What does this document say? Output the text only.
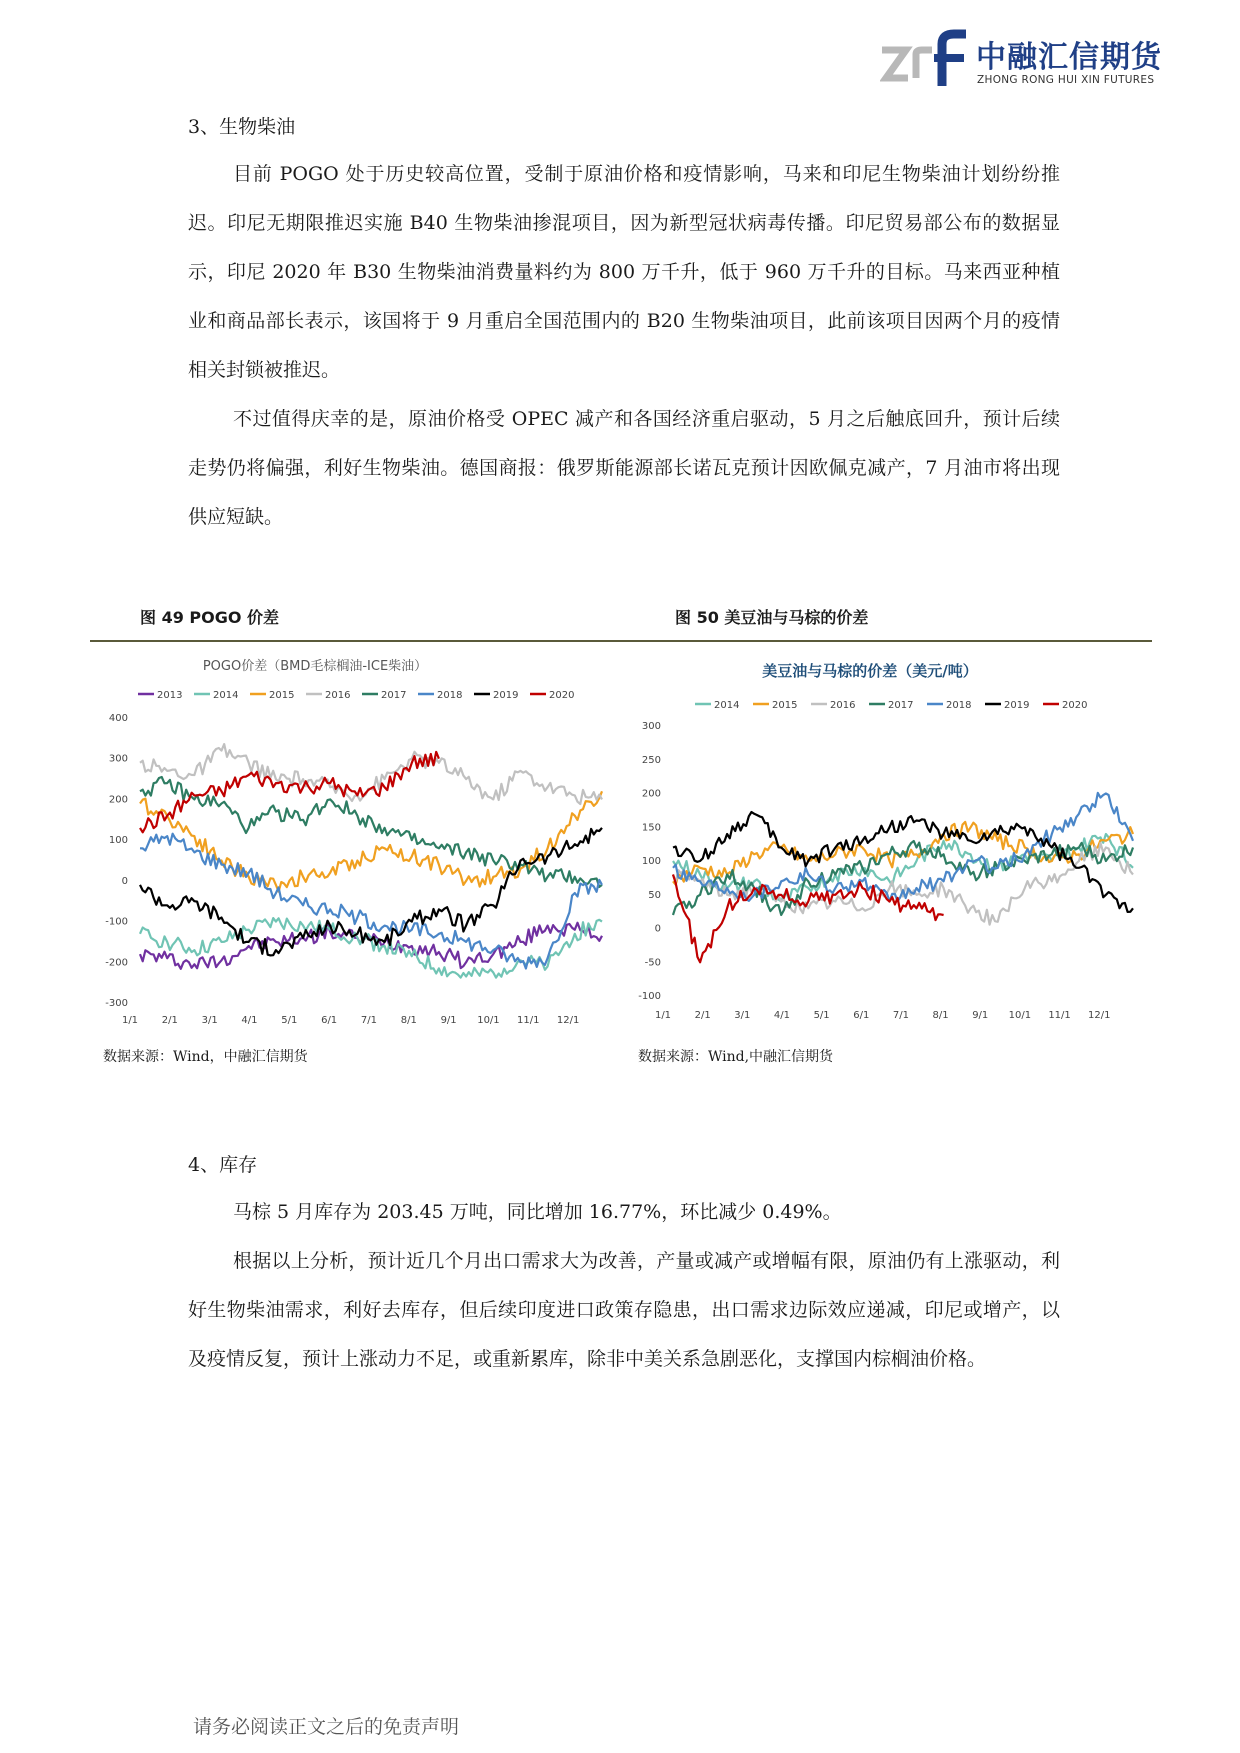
中融汇信期货
ZHONG RONG HUI XIN FUTURES
3、生物柴油

目前 POGO 处于历史较高位置，受制于原油价格和疫情影响，马来和印尼生物柴油计划纷纷推迟。印尼无期限推迟实施 B40 生物柴油掺混项目，因为新型冠状病毒传播。印尼贸易部公布的数据显示，印尼 2020 年 B30 生物柴油消费量料约为 800 万千升，低于 960 万千升的目标。马来西亚种植业和商品部长表示，该国将于 9 月重启全国范围内的 B20 生物柴油项目，此前该项目因两个月的疫情相关封锁被推迟。

不过值得庆幸的是，原油价格受 OPEC 减产和各国经济重启驱动，5 月之后触底回升，预计后续走势仍将偏强，利好生物柴油。德国商报：俄罗斯能源部长诺瓦克预计因欧佩克减产，7 月油市将出现供应短缺。

图 49 POGO 价差	图 50 美豆油与马棕的价差
POGO价差（BMD毛棕榈油-ICE柴油）
2013	2014	2015	2016	2017	2018	2019	2020
-300
-200
-100
0
100
200
300
400
1/1 2/1 3/1 4/1 5/1 6/1 7/1 8/1 9/1 10/1 11/1 12/1
美豆油与马棕的价差（美元/吨）
2014	2015	2016	2017	2018	2019	2020
-100
-50
0
50
100
150
200
250
300
1/1 2/1 3/1 4/1 5/1 6/1 7/1 8/1 9/1 10/1 11/1 12/1
数据来源：Wind，中融汇信期货	数据来源：Wind,中融汇信期货
4、库存

马棕 5 月库存为 203.45 万吨，同比增加 16.77%，环比减少 0.49%。

根据以上分析，预计近几个月出口需求大为改善，产量或减产或增幅有限，原油仍有上涨驱动，利好生物柴油需求，利好去库存，但后续印度进口政策存隐患，出口需求边际效应递减，印尼或增产，以及疫情反复，预计上涨动力不足，或重新累库，除非中美关系急剧恶化，支撑国内棕榈油价格。

请务必阅读正文之后的免责声明
